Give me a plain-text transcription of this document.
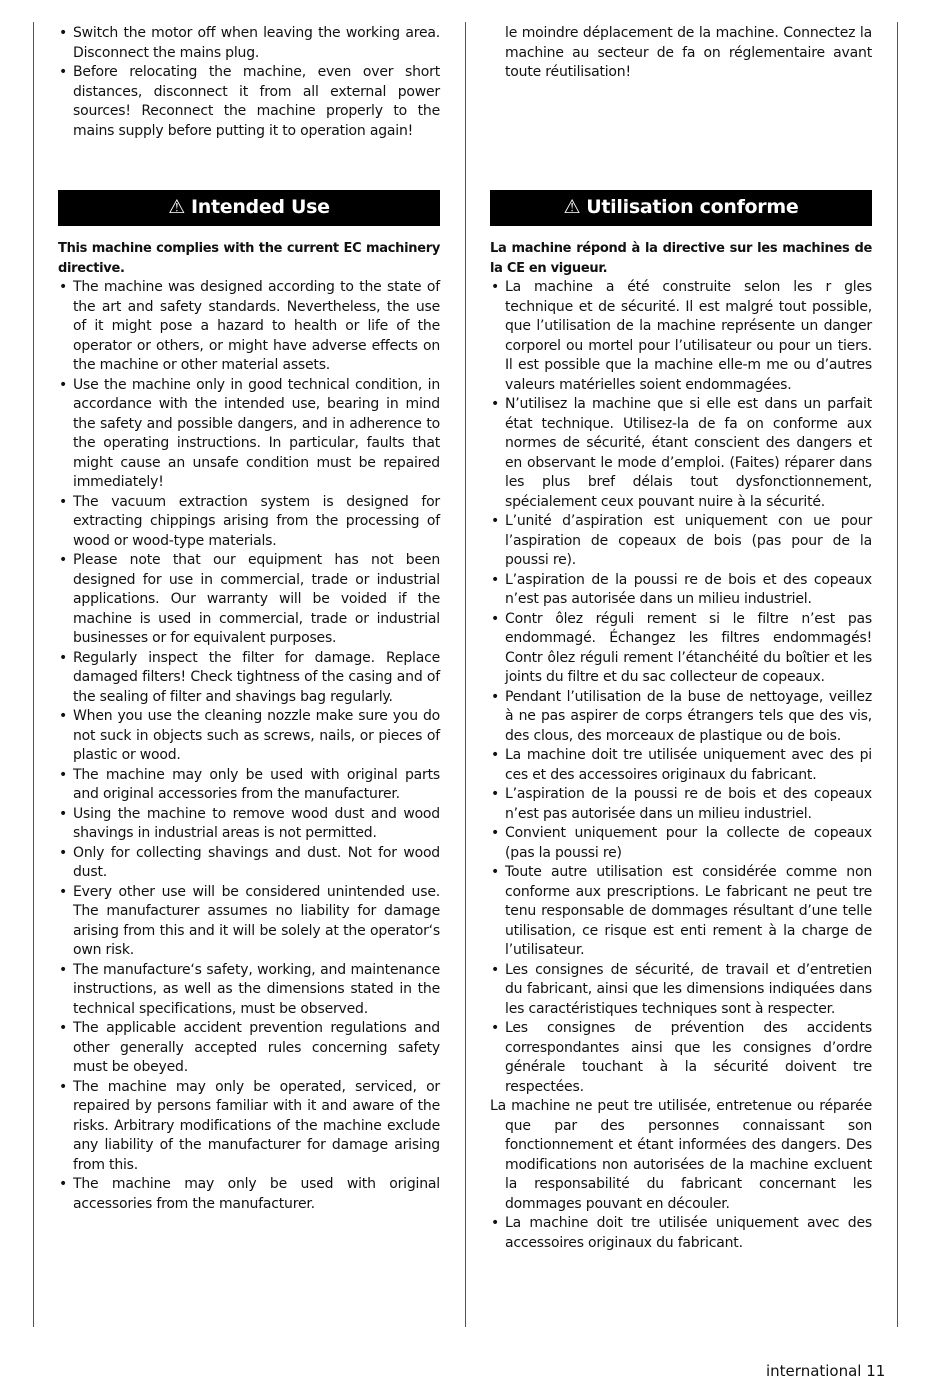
• Switch the motor off when leaving the working area. Disconnect the mains plug.
• Before relocating the machine, even over short distances, disconnect it from all external power sources! Reconnect the machine properly to the mains supply before putting it to operation again!

le moindre déplacement de la machine. Connectez la machine au secteur de fa on réglementaire avant toute réutilisation!

⚠ Intended Use

This machine complies with the current EC machinery directive.

• The machine was designed according to the state of the art and safety standards. Nevertheless, the use of it might pose a hazard to health or life of the operator or others, or might have adverse effects on the machine or other material assets.
• Use the machine only in good technical condition, in accordance with the intended use, bearing in mind the safety and possible dangers, and in adherence to the operating instructions. In particular, faults that might cause an unsafe condition must be repaired immediately!
• The vacuum extraction system is designed for extracting chippings arising from the processing of wood or wood-type materials.
• Please note that our equipment has not been designed for use in commercial, trade or industrial applications. Our warranty will be voided if the machine is used in commercial, trade or industrial businesses or for equivalent purposes.
• Regularly inspect the filter for damage. Replace damaged filters! Check tightness of the casing and of the sealing of filter and shavings bag regularly.
• When you use the cleaning nozzle make sure you do not suck in objects such as screws, nails, or pieces of plastic or wood.
• The machine may only be used with original parts and original accessories from the manufacturer.
• Using the machine to remove wood dust and wood shavings in industrial areas is not permitted.
• Only for collecting shavings and dust. Not for wood dust.
• Every other use will be considered unintended use. The manufacturer assumes no liability for damage arising from this and it will be solely at the operator‘s own risk.
• The manufacture‘s safety, working, and maintenance instructions, as well as the dimensions stated in the technical specifications, must be observed.
• The applicable accident prevention regulations and other generally accepted rules concerning safety must be obeyed.
• The machine may only be operated, serviced, or repaired by persons familiar with it and aware of the risks. Arbitrary modifications of the machine exclude any liability of the manufacturer for damage arising from this.
• The machine may only be used with original accessories from the manufacturer.
⚠ Utilisation conforme

La machine répond à la directive sur les machines de la CE en vigueur.

• La machine a été construite selon les r gles technique et de sécurité. Il est malgré tout possible, que l’utilisation de la machine représente un danger corporel ou mortel pour l’utilisateur ou pour un tiers. Il est possible que la machine elle-m me ou d’autres valeurs matérielles soient endommagées.
• N’utilisez la machine que si elle est dans un parfait état technique. Utilisez-la de fa on conforme aux normes de sécurité, étant conscient des dangers et en observant le mode d’emploi. (Faites) réparer dans les plus bref délais tout dysfonctionnement, spécialement ceux pouvant nuire à la sécurité.
• L’unité d’aspiration est uniquement con ue pour l’aspiration de copeaux de bois (pas pour de la poussi re).
• L’aspiration de la poussi re de bois et des copeaux n’est pas autorisée dans un milieu industriel.
• Contr ôlez réguli rement si le filtre n’est pas endommagé. Échangez les filtres endommagés! Contr ôlez réguli rement l’étanchéité du boîtier et les joints du filtre et du sac collecteur de copeaux.
• Pendant l’utilisation de la buse de nettoyage, veillez à ne pas aspirer de corps étrangers tels que des vis, des clous, des morceaux de plastique ou de bois.
• La machine doit tre utilisée uniquement avec des pi ces et des accessoires originaux du fabricant.
• L’aspiration de la poussi re de bois et des copeaux n’est pas autorisée dans un milieu industriel.
• Convient uniquement pour la collecte de copeaux (pas la poussi re)
• Toute autre utilisation est considérée comme non conforme aux prescriptions. Le fabricant ne peut tre tenu responsable de dommages résultant d’une telle utilisation, ce risque est enti rement à la charge de l’utilisateur.
• Les consignes de sécurité, de travail et d’entretien du fabricant, ainsi que les dimensions indiquées dans les caractéristiques techniques sont à respecter.
• Les consignes de prévention des accidents correspondantes ainsi que les consignes d’ordre générale touchant à la sécurité doivent tre respectées.

La machine ne peut tre utilisée, entretenue ou réparée que par des personnes connaissant son fonctionnement et étant informées des dangers. Des modifications non autorisées de la machine excluent la responsabilité du fabricant concernant les dommages pouvant en découler.

• La machine doit tre utilisée uniquement avec des accessoires originaux du fabricant.
international 11
